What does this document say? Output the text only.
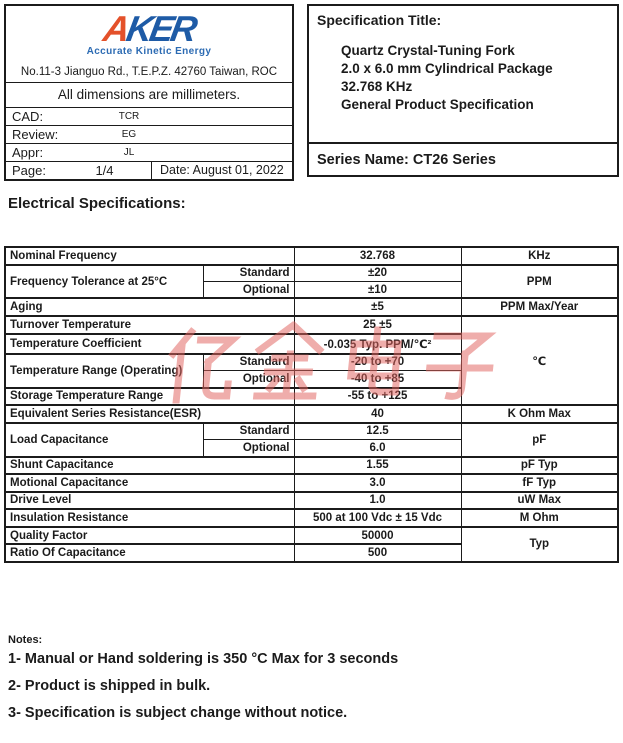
AKER
Accurate Kinetic Energy
No.11-3 Jianguo Rd., T.E.P.Z. 42760 Taiwan, ROC
All dimensions are millimeters.
CAD:	TCR
Review:	EG
Appr:	JL
Page:	1/4	Date: August 01, 2022
Specification Title:
Quartz Crystal-Tuning Fork
2.0 x 6.0 mm Cylindrical Package
32.768 KHz
General Product Specification
Series Name: CT26 Series
Electrical Specifications:
Nominal Frequency		32.768	KHz
Frequency Tolerance at 25°C	Standard	±20	PPM
	Optional	±10	
Aging		±5	PPM Max/Year
Turnover Temperature		25 ±5	℃
Temperature Coefficient		-0.035 Typ. PPM/℃²	
Temperature Range (Operating)	Standard	-20 to +70	
	Optional	-40 to +85	
Storage Temperature Range		-55 to +125	
Equivalent Series Resistance(ESR)		40	K Ohm Max
Load Capacitance	Standard	12.5	pF
	Optional	6.0	
Shunt Capacitance		1.55	pF Typ
Motional Capacitance		3.0	fF Typ
Drive Level		1.0	uW Max
Insulation Resistance		500 at 100 Vdc ± 15 Vdc	M Ohm
Quality Factor		50000	Typ
Ratio Of Capacitance		500	
Notes:
1- Manual or Hand soldering is 350 °C Max for 3 seconds
2- Product is shipped in bulk.
3- Specification is subject change without notice.
